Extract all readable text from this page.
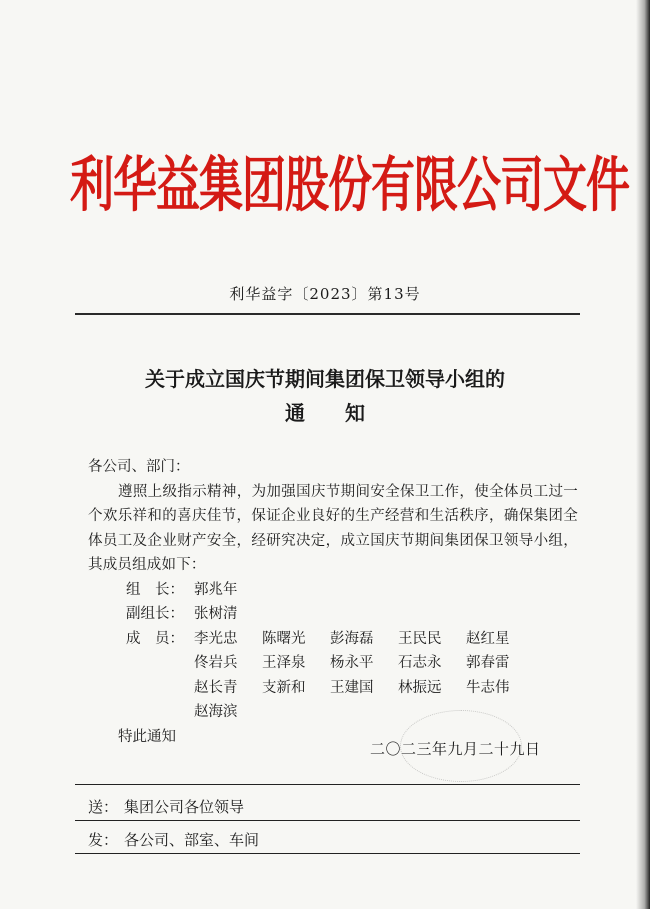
利华益集团股份有限公司文件
利华益字〔2023〕第13号
关于成立国庆节期间集团保卫领导小组的
通知

各公司、部门：

遵照上级指示精神，为加强国庆节期间安全保卫工作，使全体员工过一个欢乐祥和的喜庆佳节，保证企业良好的生产经营和生活秩序，确保集团全体员工及企业财产安全，经研究决定，成立国庆节期间集团保卫领导小组，其成员组成如下：

组　长： 郭兆年
副组长： 张树清
成　员： 李光忠	陈曙光	彭海磊	王民民	赵红星
佟岩兵	王泽泉	杨永平	石志永	郭春雷
赵长青	支新和	王建国	林振远	牛志伟
赵海滨

特此通知

二〇二三年九月二十九日
送： 集团公司各位领导
发： 各公司、部室、车间
